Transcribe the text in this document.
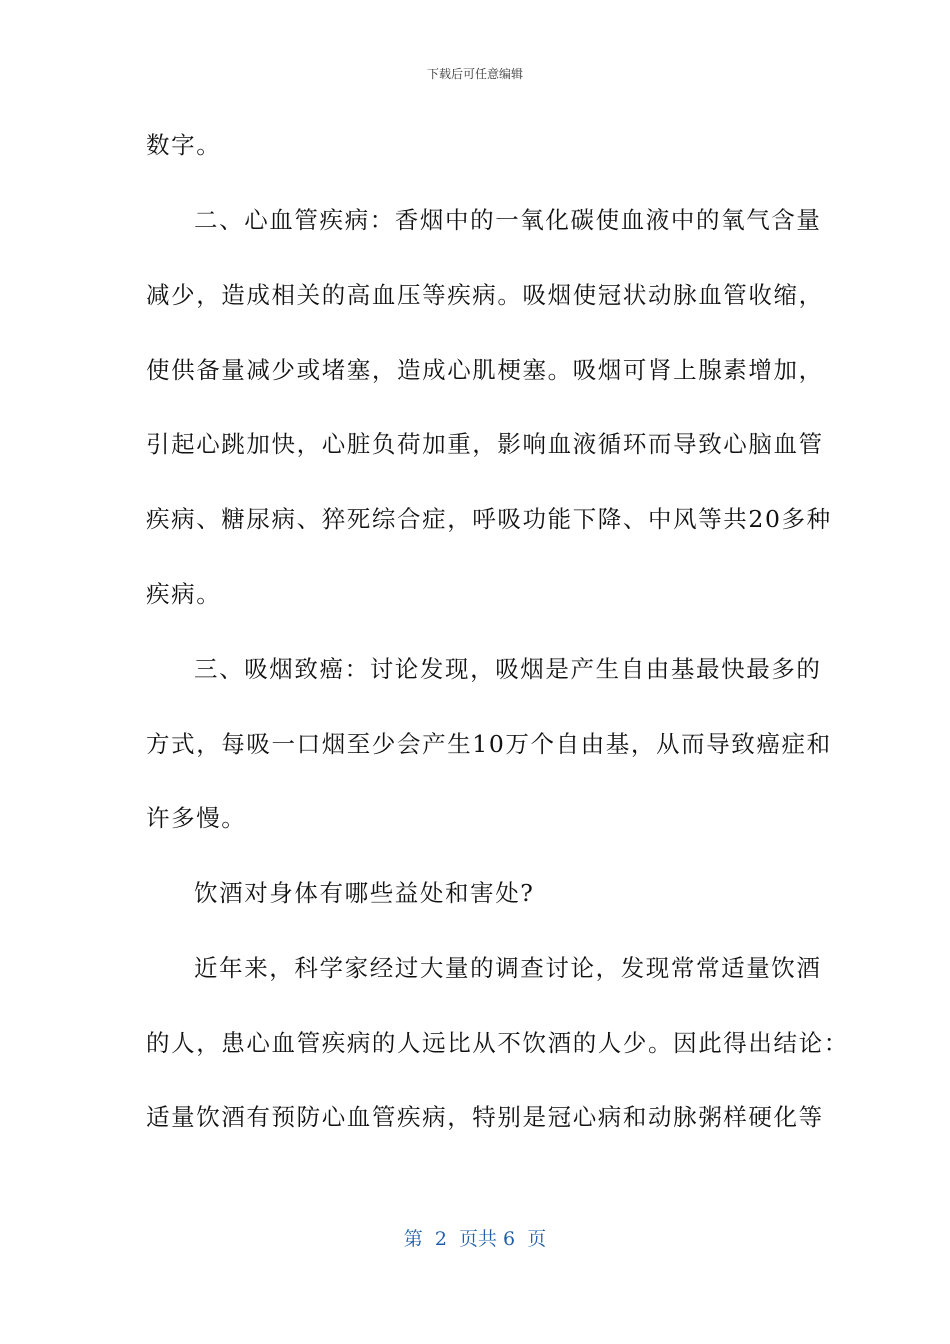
下载后可任意编辑
数字。
二、心血管疾病：香烟中的一氧化碳使血液中的氧气含量
减少，造成相关的高血压等疾病。吸烟使冠状动脉血管收缩，
使供备量减少或堵塞，造成心肌梗塞。吸烟可肾上腺素增加，
引起心跳加快，心脏负荷加重，影响血液循环而导致心脑血管
疾病、糖尿病、猝死综合症，呼吸功能下降、中风等共20多种
疾病。
三、吸烟致癌：讨论发现，吸烟是产生自由基最快最多的
方式，每吸一口烟至少会产生10万个自由基，从而导致癌症和
许多慢。
饮酒对身体有哪些益处和害处?
近年来，科学家经过大量的调查讨论，发现常常适量饮酒
的人，患心血管疾病的人远比从不饮酒的人少。因此得出结论：
适量饮酒有预防心血管疾病，特别是冠心病和动脉粥样硬化等
第  2  页共 6  页
